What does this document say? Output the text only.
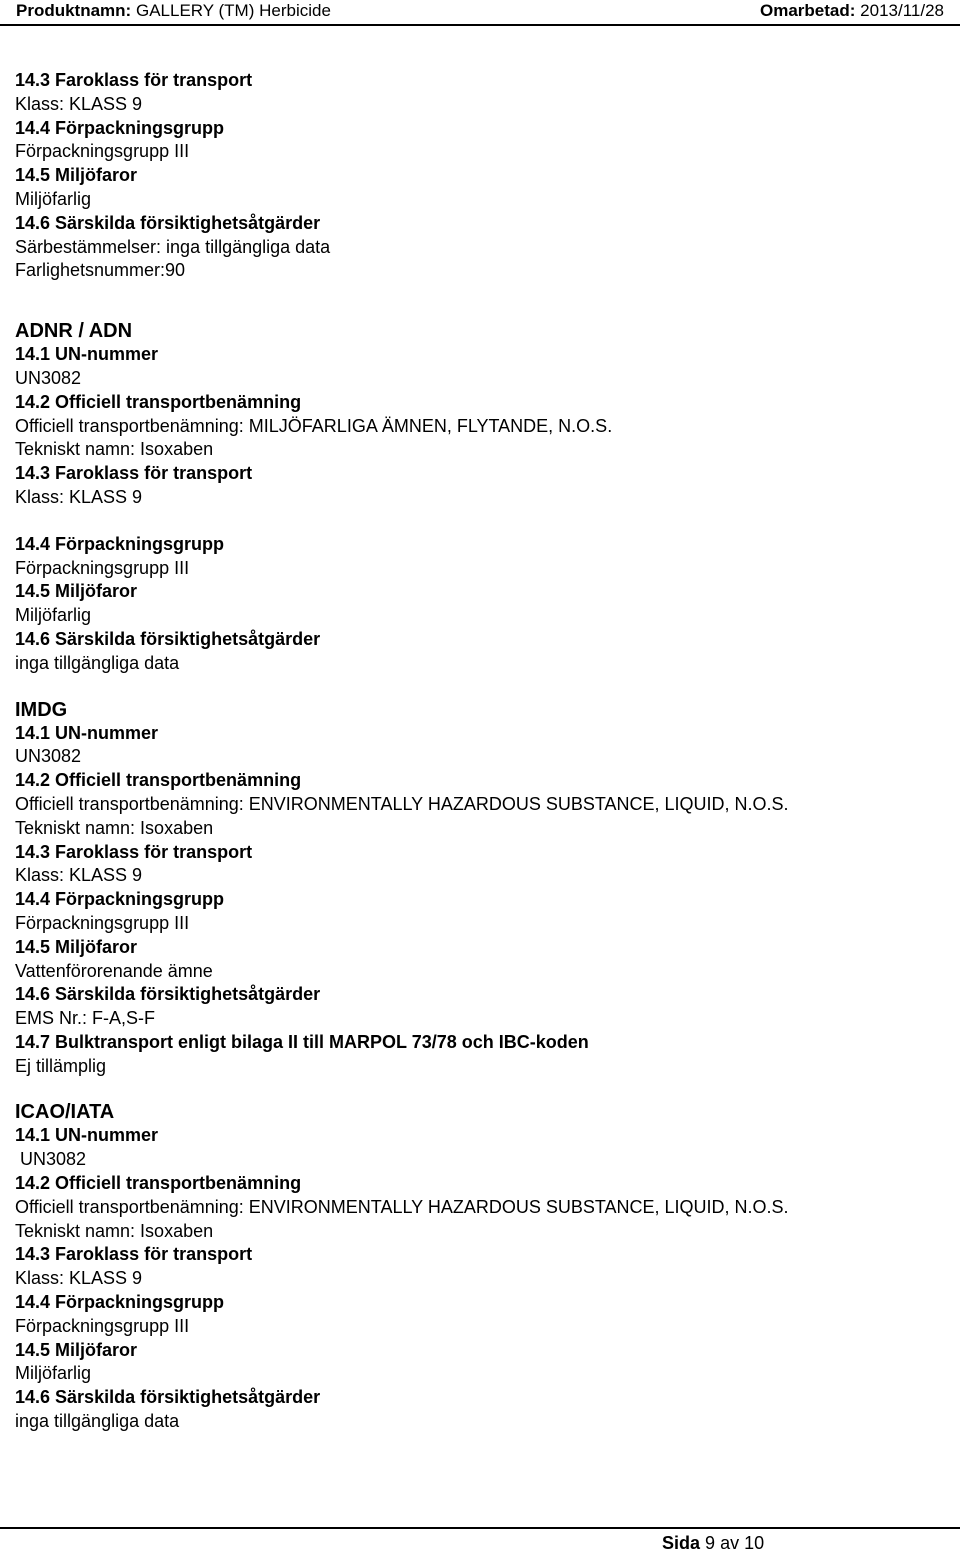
Produktnamn: GALLERY (TM) Herbicide	Omarbetad: 2013/11/28
14.3 Faroklass för transport
Klass: KLASS 9
14.4 Förpackningsgrupp
Förpackningsgrupp III
14.5 Miljöfaror
Miljöfarlig
14.6 Särskilda försiktighetsåtgärder
Särbestämmelser: inga tillgängliga data
Farlighetsnummer:90
ADNR / ADN
14.1 UN-nummer
UN3082
14.2 Officiell transportbenämning
Officiell transportbenämning: MILJÖFARLIGA ÄMNEN, FLYTANDE, N.O.S.
Tekniskt namn: Isoxaben
14.3 Faroklass för transport
Klass: KLASS 9
14.4 Förpackningsgrupp
Förpackningsgrupp III
14.5 Miljöfaror
Miljöfarlig
14.6 Särskilda försiktighetsåtgärder
inga tillgängliga data
IMDG
14.1 UN-nummer
UN3082
14.2 Officiell transportbenämning
Officiell transportbenämning: ENVIRONMENTALLY HAZARDOUS SUBSTANCE, LIQUID, N.O.S.
Tekniskt namn: Isoxaben
14.3 Faroklass för transport
Klass: KLASS 9
14.4 Förpackningsgrupp
Förpackningsgrupp III
14.5 Miljöfaror
Vattenförorenande ämne
14.6 Särskilda försiktighetsåtgärder
EMS Nr.: F-A,S-F
14.7 Bulktransport enligt bilaga II till MARPOL 73/78 och IBC-koden
Ej tillämplig
ICAO/IATA
14.1 UN-nummer
UN3082
14.2 Officiell transportbenämning
Officiell transportbenämning: ENVIRONMENTALLY HAZARDOUS SUBSTANCE, LIQUID, N.O.S.
Tekniskt namn: Isoxaben
14.3 Faroklass för transport
Klass: KLASS 9
14.4 Förpackningsgrupp
Förpackningsgrupp III
14.5 Miljöfaror
Miljöfarlig
14.6 Särskilda försiktighetsåtgärder
inga tillgängliga data
Sida 9 av 10
